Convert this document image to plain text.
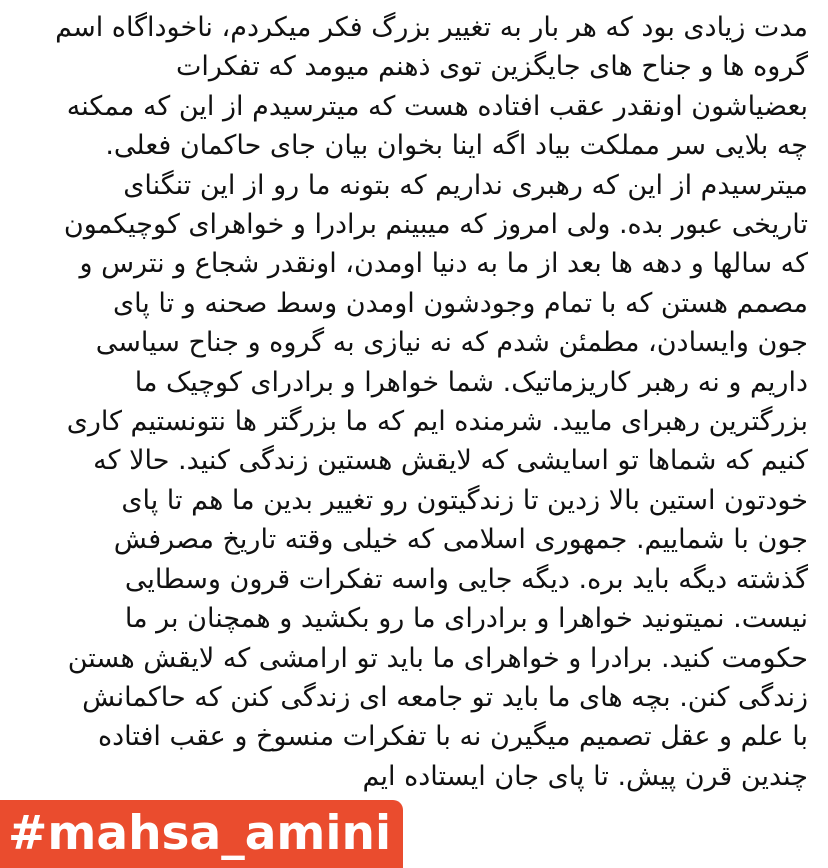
مدت زیادی بود که هر بار به تغییر بزرگ فکر میکردم، ناخوداگاه اسم
گروه ها و جناح های جایگزین توی ذهنم میومد که تفکرات
بعضیاشون اونقدر عقب افتاده هست که میترسیدم از این که ممکنه
چه بلایی سر مملکت بیاد اگه اینا بخوان بیان جای حاکمان فعلی.
میترسیدم از این که رهبری نداریم که بتونه ما رو از این تنگنای
تاریخی عبور بده. ولی امروز که میبینم برادرا و خواهرای کوچیکمون
که سالها و دهه ها بعد از ما به دنیا اومدن، اونقدر شجاع و نترس و
مصمم هستن که با تمام وجودشون اومدن وسط صحنه و تا پای
جون وایسادن، مطمئن شدم که نه نیازی به گروه و جناح سیاسی
داریم و نه رهبر کاریزماتیک. شما خواهرا و برادرای کوچیک ما
بزرگترین رهبرای مایید. شرمنده ایم که ما بزرگتر ها نتونستیم کاری
کنیم که شماها تو اسایشی که لایقش هستین زندگی کنید. حالا که
خودتون استین بالا زدین تا زندگیتون رو تغییر بدین ما هم تا پای
جون با شماییم. جمهوری اسلامی که خیلی وقته تاریخ مصرفش
گذشته دیگه باید بره. دیگه جایی واسه تفکرات قرون وسطایی
نیست. نمیتونید خواهرا و برادرای ما رو بکشید و همچنان بر ما
حکومت کنید. برادرا و خواهرای ما باید تو ارامشی که لایقش هستن
زندگی کنن. بچه های ما باید تو جامعه ای زندگی کنن که حاکمانش
با علم و عقل تصمیم میگیرن نه با تفکرات منسوخ و عقب افتاده
چندین قرن پیش. تا پای جان ایستاده ایم
#mahsa_amini
